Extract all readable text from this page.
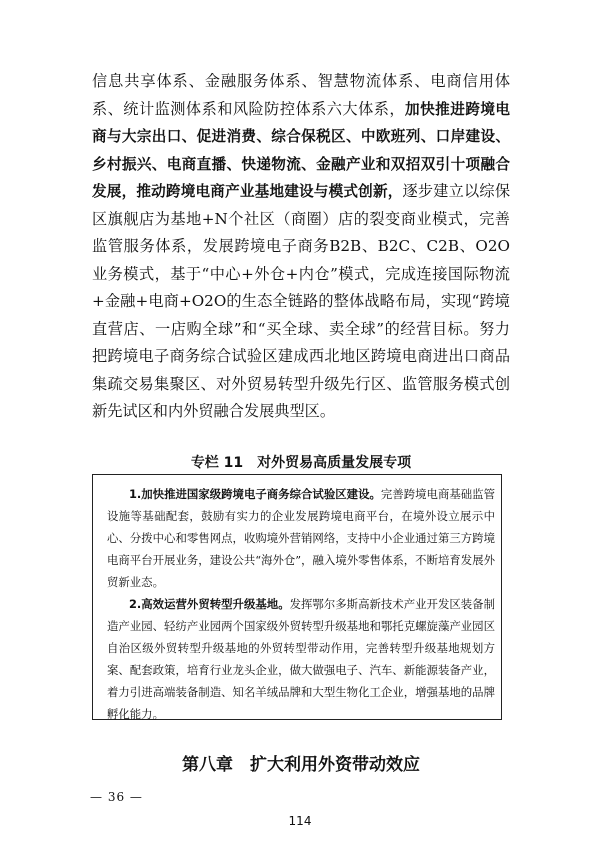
信息共享体系、金融服务体系、智慧物流体系、电商信用体系、统计监测体系和风险防控体系六大体系，加快推进跨境电商与大宗出口、促进消费、综合保税区、中欧班列、口岸建设、乡村振兴、电商直播、快递物流、金融产业和双招双引十项融合发展，推动跨境电商产业基地建设与模式创新，逐步建立以综保区旗舰店为基地+N个社区（商圈）店的裂变商业模式，完善监管服务体系，发展跨境电子商务B2B、B2C、C2B、O2O业务模式，基于“中心+外仓+内仓”模式，完成连接国际物流+金融+电商+O2O的生态全链路的整体战略布局，实现“跨境直营店、一店购全球”和“买全球、卖全球”的经营目标。努力把跨境电子商务综合试验区建成西北地区跨境电商进出口商品集疏交易集聚区、对外贸易转型升级先行区、监管服务模式创新先试区和内外贸融合发展典型区。
专栏 11　对外贸易高质量发展专项

1.加快推进国家级跨境电子商务综合试验区建设。完善跨境电商基础监管设施等基础配套，鼓励有实力的企业发展跨境电商平台，在境外设立展示中心、分拨中心和零售网点，收购境外营销网络，支持中小企业通过第三方跨境电商平台开展业务，建设公共“海外仓”，融入境外零售体系，不断培育发展外贸新业态。

2.高效运营外贸转型升级基地。发挥鄂尔多斯高新技术产业开发区装备制造产业园、轻纺产业园两个国家级外贸转型升级基地和鄂托克螺旋藻产业园区自治区级外贸转型升级基地的外贸转型带动作用，完善转型升级基地规划方案、配套政策，培育行业龙头企业，做大做强电子、汽车、新能源装备产业，着力引进高端装备制造、知名羊绒品牌和大型生物化工企业，增强基地的品牌孵化能力。

第八章　扩大利用外资带动效应
— 36 —
114
